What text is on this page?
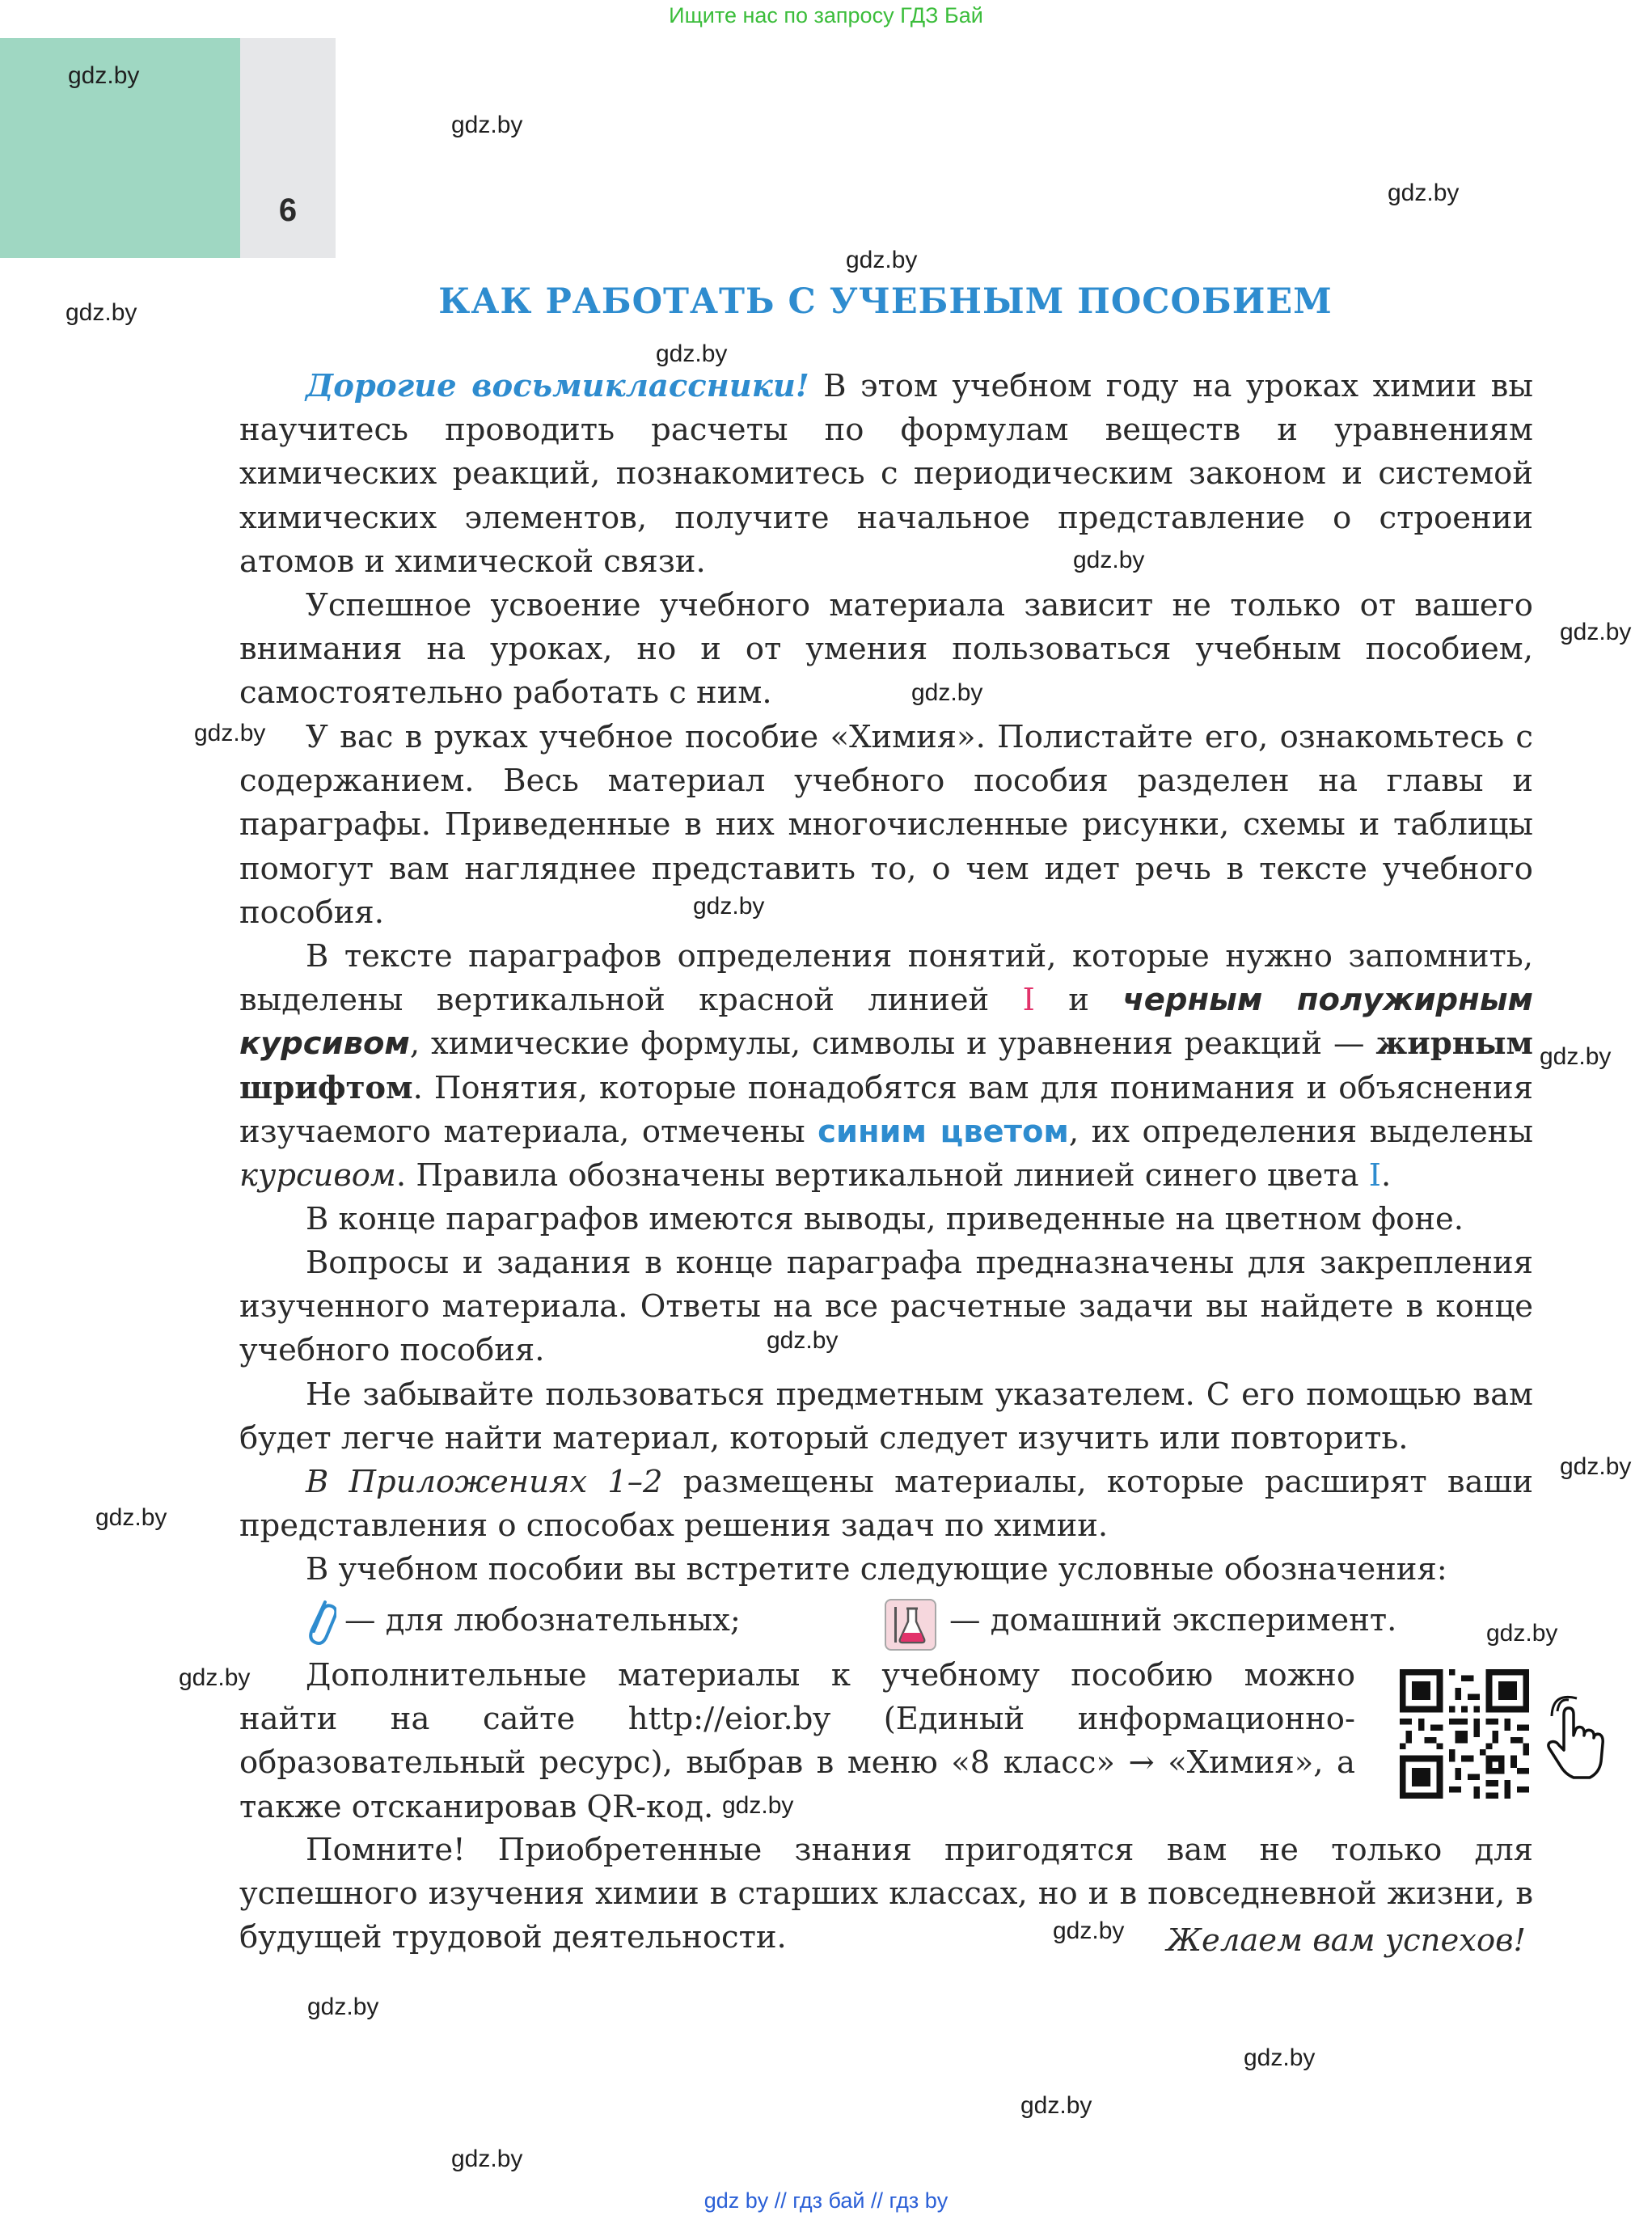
Ищите нас по запросу ГДЗ Бай
6
gdz.by
gdz.by
gdz.by
gdz.by
gdz.by
gdz.by
gdz.by
gdz.by
gdz.by
gdz.by
gdz.by
gdz.by
gdz.by
gdz.by
gdz.by
gdz.by
gdz.by
gdz.by
gdz.by
gdz.by
gdz.by
gdz.by
gdz.by
КАК РАБОТАТЬ С УЧЕБНЫМ ПОСОБИЕМ

Дорогие восьмиклассники! В этом учебном году на уроках химии вы научитесь проводить расчеты по формулам веществ и уравнениям химических реакций, познакомитесь с периодическим законом и системой химических элементов, получите начальное представление о строении атомов и химической связи.

Успешное усвоение учебного материала зависит не только от вашего внимания на уроках, но и от умения пользоваться учебным пособием, самостоятельно работать с ним.

У вас в руках учебное пособие «Химия». Полистайте его, ознакомьтесь с содержанием. Весь материал учебного пособия разделен на главы и параграфы. Приведенные в них многочисленные рисунки, схемы и таблицы помогут вам нагляднее представить то, о чем идет речь в тексте учебного пособия.

В тексте параграфов определения понятий, которые нужно запомнить, выделены вертикальной красной линией I и черным полужирным курсивом, химические формулы, символы и уравнения реакций — жирным шрифтом. Понятия, которые понадобятся вам для понимания и объяснения изучаемого материала, отмечены синим цветом, их определения выделены курсивом. Правила обозначены вертикальной линией синего цвета I.

В конце параграфов имеются выводы, приведенные на цветном фоне.

Вопросы и задания в конце параграфа предназначены для закрепления изученного материала. Ответы на все расчетные задачи вы найдете в конце учебного пособия.

Не забывайте пользоваться предметным указателем. С его помощью вам будет легче найти материал, который следует изучить или повторить.

В Приложениях 1–2 размещены материалы, которые расширят ваши представления о способах решения задач по химии.

В учебном пособии вы встретите следующие условные обозначения:

— для любознательных;	— домашний эксперимент.

Дополнительные материалы к учебному пособию можно найти на сайте http://eior.by (Единый информационно-образовательный ресурс), выбрав в меню «8 класс» → «Химия», а также отсканировав QR-код.

Помните! Приобретенные знания пригодятся вам не только для успешного изучения химии в старших классах, но и в повседневной жизни, в будущей трудовой деятельности.	Желаем вам успехов!
gdz by // гдз бай // гдз by
